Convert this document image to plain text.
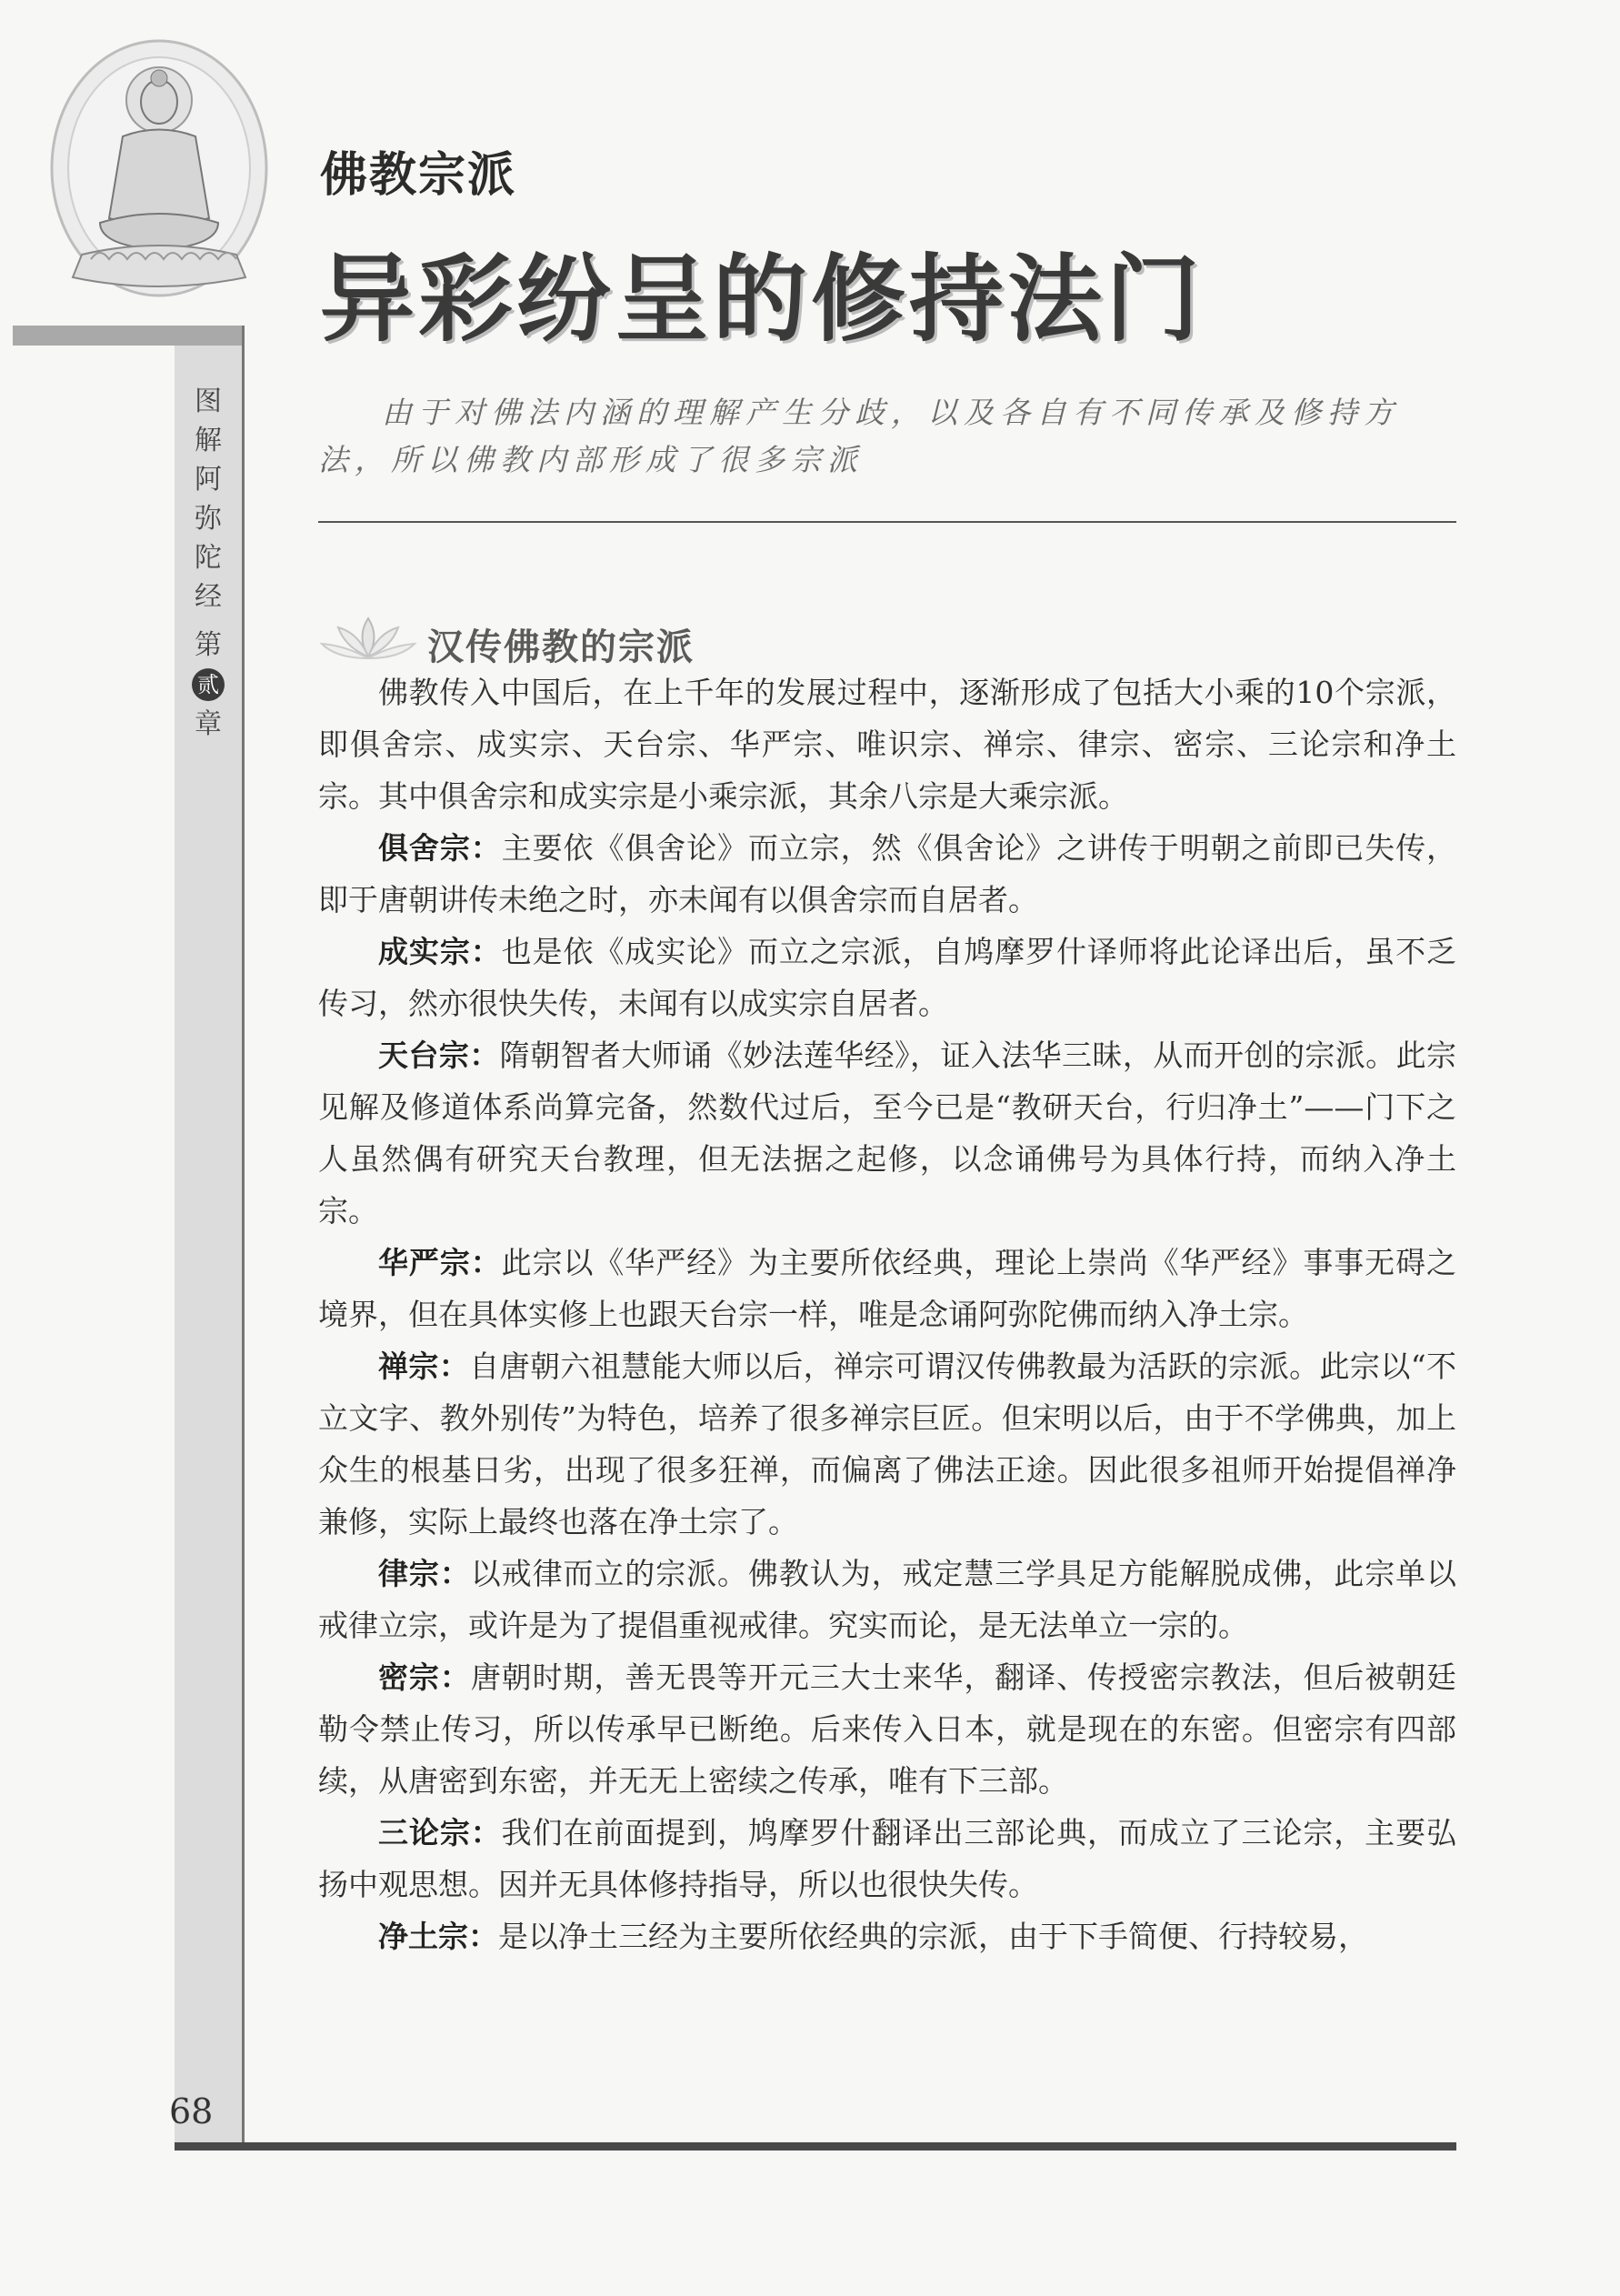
佛教宗派
异彩纷呈的修持法门
图
解
阿
弥
陀
经
第
贰
章
由于对佛法内涵的理解产生分歧，以及各自有不同传承及修持方法，所以佛教内部形成了很多宗派
汉传佛教的宗派

佛教传入中国后，在上千年的发展过程中，逐渐形成了包括大小乘的10个宗派，即俱舍宗、成实宗、天台宗、华严宗、唯识宗、禅宗、律宗、密宗、三论宗和净土宗。其中俱舍宗和成实宗是小乘宗派，其余八宗是大乘宗派。

俱舍宗：主要依《俱舍论》而立宗，然《俱舍论》之讲传于明朝之前即已失传，即于唐朝讲传未绝之时，亦未闻有以俱舍宗而自居者。

成实宗：也是依《成实论》而立之宗派，自鸠摩罗什译师将此论译出后，虽不乏传习，然亦很快失传，未闻有以成实宗自居者。

天台宗：隋朝智者大师诵《妙法莲华经》，证入法华三昧，从而开创的宗派。此宗见解及修道体系尚算完备，然数代过后，至今已是“教研天台，行归净土”——门下之人虽然偶有研究天台教理，但无法据之起修，以念诵佛号为具体行持，而纳入净土宗。

华严宗：此宗以《华严经》为主要所依经典，理论上崇尚《华严经》事事无碍之境界，但在具体实修上也跟天台宗一样，唯是念诵阿弥陀佛而纳入净土宗。

禅宗：自唐朝六祖慧能大师以后，禅宗可谓汉传佛教最为活跃的宗派。此宗以“不立文字、教外别传”为特色，培养了很多禅宗巨匠。但宋明以后，由于不学佛典，加上众生的根基日劣，出现了很多狂禅，而偏离了佛法正途。因此很多祖师开始提倡禅净兼修，实际上最终也落在净土宗了。

律宗：以戒律而立的宗派。佛教认为，戒定慧三学具足方能解脱成佛，此宗单以戒律立宗，或许是为了提倡重视戒律。究实而论，是无法单立一宗的。

密宗：唐朝时期，善无畏等开元三大士来华，翻译、传授密宗教法，但后被朝廷勒令禁止传习，所以传承早已断绝。后来传入日本，就是现在的东密。但密宗有四部续，从唐密到东密，并无无上密续之传承，唯有下三部。

三论宗：我们在前面提到，鸠摩罗什翻译出三部论典，而成立了三论宗，主要弘扬中观思想。因并无具体修持指导，所以也很快失传。

净土宗：是以净土三经为主要所依经典的宗派，由于下手简便、行持较易，

68
